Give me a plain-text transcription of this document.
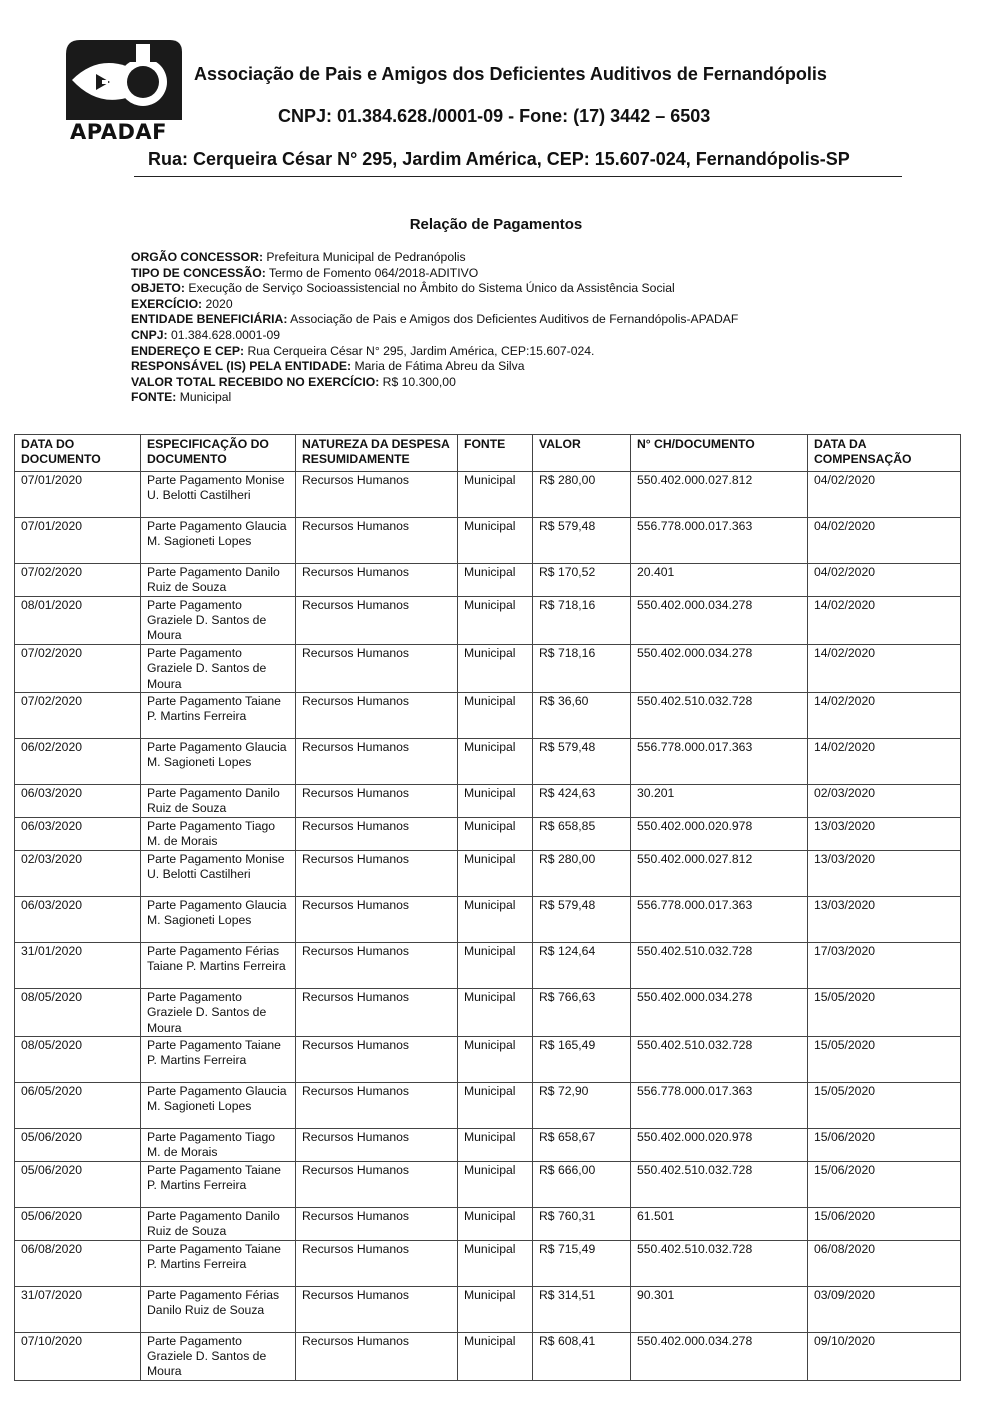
APADAF
Associação de Pais e Amigos dos Deficientes Auditivos de Fernandópolis
CNPJ: 01.384.628./0001-09 - Fone: (17) 3442 – 6503
Rua: Cerqueira César N° 295, Jardim América, CEP: 15.607-024, Fernandópolis-SP
Relação de Pagamentos
ORGÃO CONCESSOR: Prefeitura Municipal de Pedranópolis
TIPO DE CONCESSÃO: Termo de Fomento 064/2018-ADITIVO
OBJETO: Execução de Serviço Socioassistencial no Âmbito do Sistema Único da Assistência Social
EXERCÍCIO: 2020
ENTIDADE BENEFICIÁRIA: Associação de Pais e Amigos dos Deficientes Auditivos de Fernandópolis-APADAF
CNPJ: 01.384.628.0001-09
ENDEREÇO E CEP: Rua Cerqueira César N° 295, Jardim América, CEP:15.607-024.
RESPONSÁVEL (IS) PELA ENTIDADE: Maria de Fátima Abreu da Silva
VALOR TOTAL RECEBIDO NO EXERCÍCIO: R$ 10.300,00
FONTE: Municipal
DATA DO DOCUMENTO	ESPECIFICAÇÃO DO DOCUMENTO	NATUREZA DA DESPESA RESUMIDAMENTE	FONTE	VALOR	N° CH/DOCUMENTO	DATA DA COMPENSAÇÃO
07/01/2020	Parte Pagamento Monise U. Belotti Castilheri	Recursos Humanos	Municipal	R$ 280,00	550.402.000.027.812	04/02/2020
07/01/2020	Parte Pagamento Glaucia M. Sagioneti Lopes	Recursos Humanos	Municipal	R$ 579,48	556.778.000.017.363	04/02/2020
07/02/2020	Parte Pagamento Danilo Ruiz de Souza	Recursos Humanos	Municipal	R$ 170,52	20.401	04/02/2020
08/01/2020	Parte Pagamento Graziele D. Santos de Moura	Recursos Humanos	Municipal	R$ 718,16	550.402.000.034.278	14/02/2020
07/02/2020	Parte Pagamento Graziele D. Santos de Moura	Recursos Humanos	Municipal	R$ 718,16	550.402.000.034.278	14/02/2020
07/02/2020	Parte Pagamento Taiane P. Martins Ferreira	Recursos Humanos	Municipal	R$ 36,60	550.402.510.032.728	14/02/2020
06/02/2020	Parte Pagamento Glaucia M. Sagioneti Lopes	Recursos Humanos	Municipal	R$ 579,48	556.778.000.017.363	14/02/2020
06/03/2020	Parte Pagamento Danilo Ruiz de Souza	Recursos Humanos	Municipal	R$ 424,63	30.201	02/03/2020
06/03/2020	Parte Pagamento Tiago M. de Morais	Recursos Humanos	Municipal	R$ 658,85	550.402.000.020.978	13/03/2020
02/03/2020	Parte Pagamento Monise U. Belotti Castilheri	Recursos Humanos	Municipal	R$ 280,00	550.402.000.027.812	13/03/2020
06/03/2020	Parte Pagamento Glaucia M. Sagioneti Lopes	Recursos Humanos	Municipal	R$ 579,48	556.778.000.017.363	13/03/2020
31/01/2020	Parte Pagamento Férias Taiane P. Martins Ferreira	Recursos Humanos	Municipal	R$ 124,64	550.402.510.032.728	17/03/2020
08/05/2020	Parte Pagamento Graziele D. Santos de Moura	Recursos Humanos	Municipal	R$ 766,63	550.402.000.034.278	15/05/2020
08/05/2020	Parte Pagamento Taiane P. Martins Ferreira	Recursos Humanos	Municipal	R$ 165,49	550.402.510.032.728	15/05/2020
06/05/2020	Parte Pagamento Glaucia M. Sagioneti Lopes	Recursos Humanos	Municipal	R$ 72,90	556.778.000.017.363	15/05/2020
05/06/2020	Parte Pagamento Tiago M. de Morais	Recursos Humanos	Municipal	R$ 658,67	550.402.000.020.978	15/06/2020
05/06/2020	Parte Pagamento Taiane P. Martins Ferreira	Recursos Humanos	Municipal	R$ 666,00	550.402.510.032.728	15/06/2020
05/06/2020	Parte Pagamento Danilo Ruiz de Souza	Recursos Humanos	Municipal	R$ 760,31	61.501	15/06/2020
06/08/2020	Parte Pagamento Taiane P. Martins Ferreira	Recursos Humanos	Municipal	R$ 715,49	550.402.510.032.728	06/08/2020
31/07/2020	Parte Pagamento Férias Danilo Ruiz de Souza	Recursos Humanos	Municipal	R$ 314,51	90.301	03/09/2020
07/10/2020	Parte Pagamento Graziele D. Santos de Moura	Recursos Humanos	Municipal	R$ 608,41	550.402.000.034.278	09/10/2020
